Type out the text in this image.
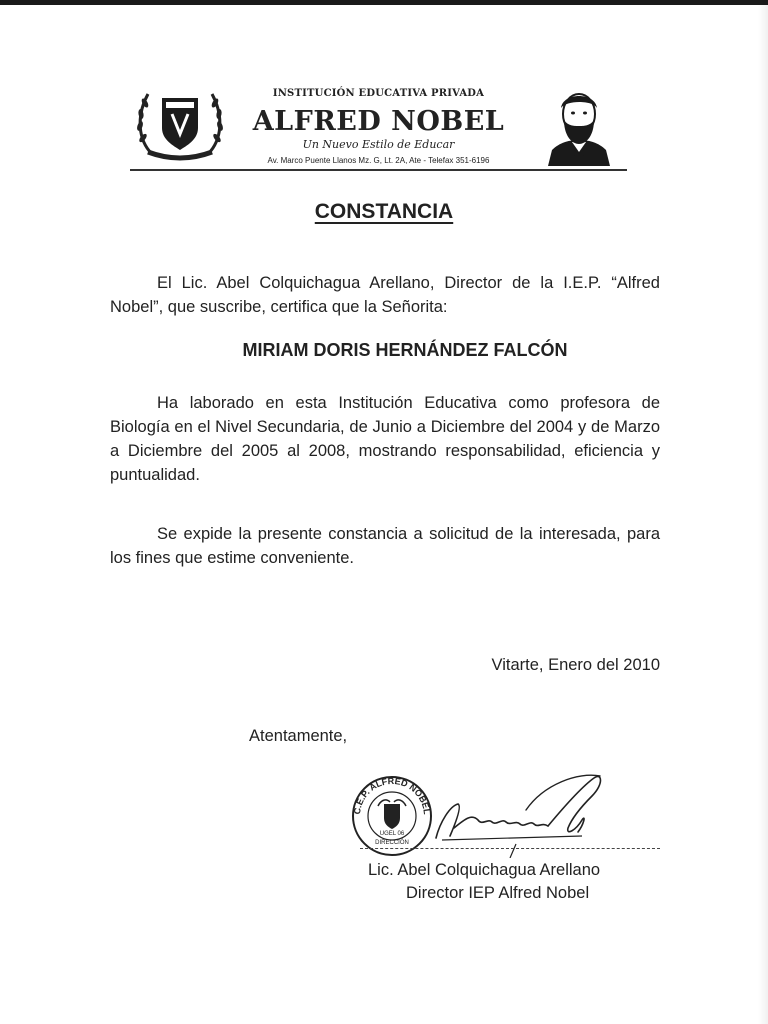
INSTITUCIÓN EDUCATIVA PRIVADA
ALFRED NOBEL
Un Nuevo Estilo de Educar
Av. Marco Puente Llanos Mz. G, Lt. 2A, Ate - Telefax 351-6196
CONSTANCIA

El Lic. Abel Colquichagua Arellano, Director de la I.E.P. “Alfred Nobel”, que suscribe, certifica que la Señorita:

MIRIAM DORIS HERNÁNDEZ FALCÓN

Ha laborado en esta Institución Educativa como profesora de Biología en el Nivel Secundaria, de Junio a Diciembre del 2004 y de Marzo a Diciembre del 2005 al 2008, mostrando responsabilidad, eficiencia y puntualidad.

Se expide la presente constancia a solicitud de la interesada, para los fines que estime conveniente.

Vitarte, Enero del 2010
Atentamente,
C.E.P. ALFRED NOBEL
UGEL 06
DIRECCIÓN
Lic. Abel Colquichagua Arellano
Director IEP Alfred Nobel
